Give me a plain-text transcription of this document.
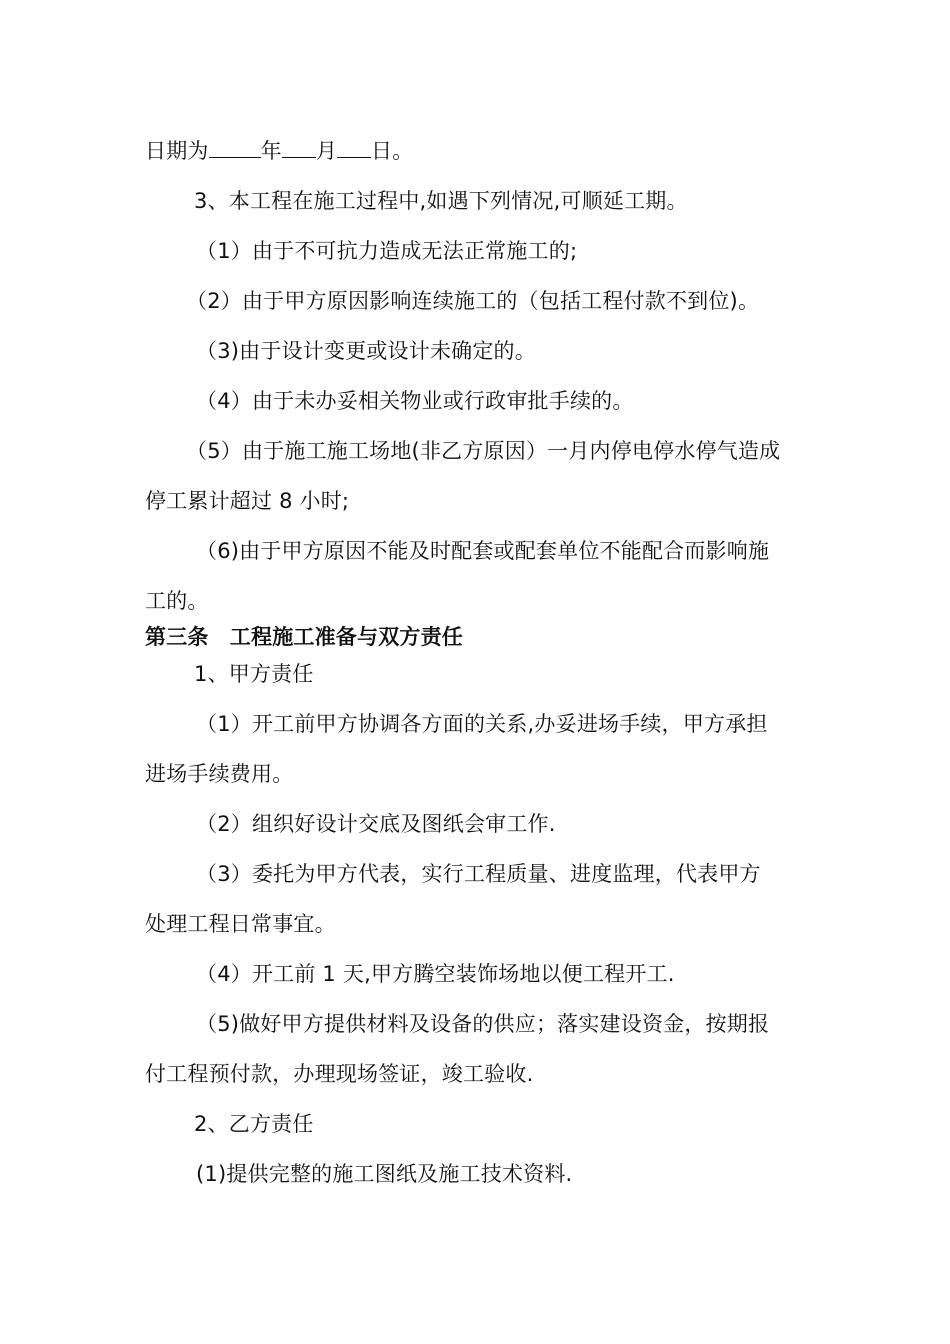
日期为 年 月 日。
3、本工程在施工过程中,如遇下列情况,可顺延工期。
（1）由于不可抗力造成无法正常施工的;
（2）由于甲方原因影响连续施工的（包括工程付款不到位)。
（3)由于设计变更或设计未确定的。
（4）由于未办妥相关物业或行政审批手续的。
（5）由于施工施工场地(非乙方原因）一月内停电停水停气造成
停工累计超过 8 小时;
（6)由于甲方原因不能及时配套或配套单位不能配合而影响施
工的。
第三条　工程施工准备与双方责任
1、甲方责任
（1）开工前甲方协调各方面的关系,办妥进场手续，甲方承担
进场手续费用。
（2）组织好设计交底及图纸会审工作.
（3）委托为甲方代表，实行工程质量、进度监理，代表甲方
处理工程日常事宜。
（4）开工前 1 天,甲方腾空装饰场地以便工程开工.
（5)做好甲方提供材料及设备的供应；落实建设资金，按期报
付工程预付款，办理现场签证，竣工验收.
2、乙方责任
(1)提供完整的施工图纸及施工技术资料.
